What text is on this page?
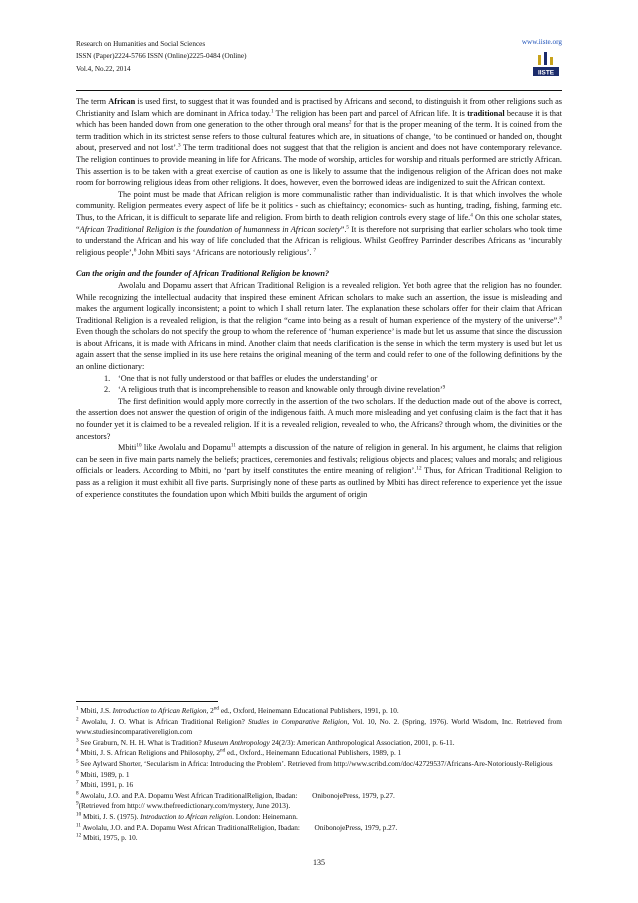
Research on Humanities and Social Sciences
ISSN (Paper)2224-5766 ISSN (Online)2225-0484 (Online)
Vol.4, No.22, 2014
www.iiste.org
IISTE

The term African is used first, to suggest that it was founded and is practised by Africans and second, to distinguish it from other religions such as Christianity and Islam which are dominant in Africa today.$^1$ The religion has been part and parcel of African life. It is traditional because it is that which has been handed down from one generation to the other through oral means$^2$ for that is the proper meaning of the term. It is coined from the term tradition which in its strictest sense refers to those cultural features which are, in situations of change, ‘to be continued or handed on, thought about, preserved and not lost’.$^3$ The term traditional does not suggest that that the religion is ancient and does not have contemporary relevance. The religion continues to provide meaning in life for Africans. The mode of worship, articles for worship and rituals performed are strictly African. This assertion is to be taken with a great exercise of caution as one is likely to assume that the indigenous religion of the African does not make room for borrowing religious ideas from other religions. It does, however, even the borrowed ideas are indigenized to suit the African context.

The point must be made that African religion is more communalistic rather than individualistic. It is that which involves the whole community. Religion permeates every aspect of life be it politics - such as chieftaincy; economics- such as hunting, trading, fishing, farming etc. Thus, to the African, it is difficult to separate life and religion. From birth to death religion controls every stage of life.$^4$ On this one scholar states, “African Traditional Religion is the foundation of humanness in African society”.$^5$ It is therefore not surprising that earlier scholars who took time to understand the African and his way of life concluded that the African is religious. Whilst Geoffrey Parrinder describes Africans as ‘incurably religious people’,$^6$ John Mbiti says ‘Africans are notoriously religious’. $^7$

Can the origin and the founder of African Traditional Religion be known?

Awolalu and Dopamu assert that African Traditional Religion is a revealed religion. Yet both agree that the religion has no founder. While recognizing the intellectual audacity that inspired these eminent African scholars to make such an assertion, the issue is misleading and makes the argument logically inconsistent; a point to which I shall return later. The explanation these scholars offer for their claim that African Traditional Religion is a revealed religion, is that the religion “came into being as a result of human experience of the mystery of the universe”.$^8$ Even though the scholars do not specify the group to whom the reference of ‘human experience’ is made but let us assume that since the discussion is about Africans, it is made with Africans in mind. Another claim that needs clarification is the sense in which the term mystery is used but let us again assert that the sense implied in its use here retains the original meaning of the term and could refer to one of the following definitions by the an online dictionary:

1. ‘One that is not fully understood or that baffles or eludes the understanding’ or
2. ‘A religious truth that is incomprehensible to reason and knowable only through divine revelation’$^9$

The first definition would apply more correctly in the assertion of the two scholars. If the deduction made out of the above is correct, the assertion does not answer the question of origin of the indigenous faith. A much more misleading and yet confusing claim is the fact that it has no founder yet it is claimed to be a revealed religion. If it is a revealed religion, revealed to who, the Africans? through whom, the divinities or the ancestors?

Mbiti$^{10}$ like Awolalu and Dopamu$^{11}$ attempts a discussion of the nature of religion in general. In his argument, he claims that religion can be seen in five main parts namely the beliefs; practices, ceremonies and festivals; religious objects and places; values and morals; and religious officials or leaders. According to Mbiti, no ‘part by itself constitutes the entire meaning of religion’.$^{12}$ Thus, for African Traditional Religion to pass as a religion it must exhibit all five parts. Surprisingly none of these parts as outlined by Mbiti has direct reference to experience yet the issue of experience constitutes the foundation upon which Mbiti builds the argument of origin

$^1$ Mbiti, J.S. Introduction to African Religion, 2nd ed., Oxford, Heinemann Educational Publishers, 1991, p. 10.

$^2$ Awolalu, J. O. What is African Traditional Religion? Studies in Comparative Religion, Vol. 10, No. 2. (Spring, 1976). World Wisdom, Inc. Retrieved from www.studiesincomparativereligion.com

$^3$ See Graburn, N. H. H. What is Tradition? Museum Anthropology 24(2/3): American Anthropological Association, 2001, p. 6-11.

$^4$ Mbiti, J. S. African Religions and Philosophy, 2nd ed., Oxford., Heinemann Educational Publishers, 1989, p. 1

$^5$ See Aylward Shorter, ‘Secularism in Africa: Introducing the Problem’. Retrieved from http://www.scribd.com/doc/42729537/Africans-Are-Notoriously-Religious

$^6$ Mbiti, 1989, p. 1

$^7$ Mbiti, 1991, p. 16

$^8$ Awolalu, J.O. and P.A. Dopamu West African TraditionalReligion, Ibadan:        OnibonojePress, 1979, p.27.

$^9$(Retrieved from http:// www.thefreedictionary.com/mystery, June 2013).

$^{10}$ Mbiti, J. S. (1975). Introduction to African religion. London: Heinemann.

$^{11}$ Awolalu, J.O. and P.A. Dopamu West African TraditionalReligion, Ibadan:        OnibonojePress, 1979, p.27.

$^{12}$ Mbiti, 1975, p. 10.

135
